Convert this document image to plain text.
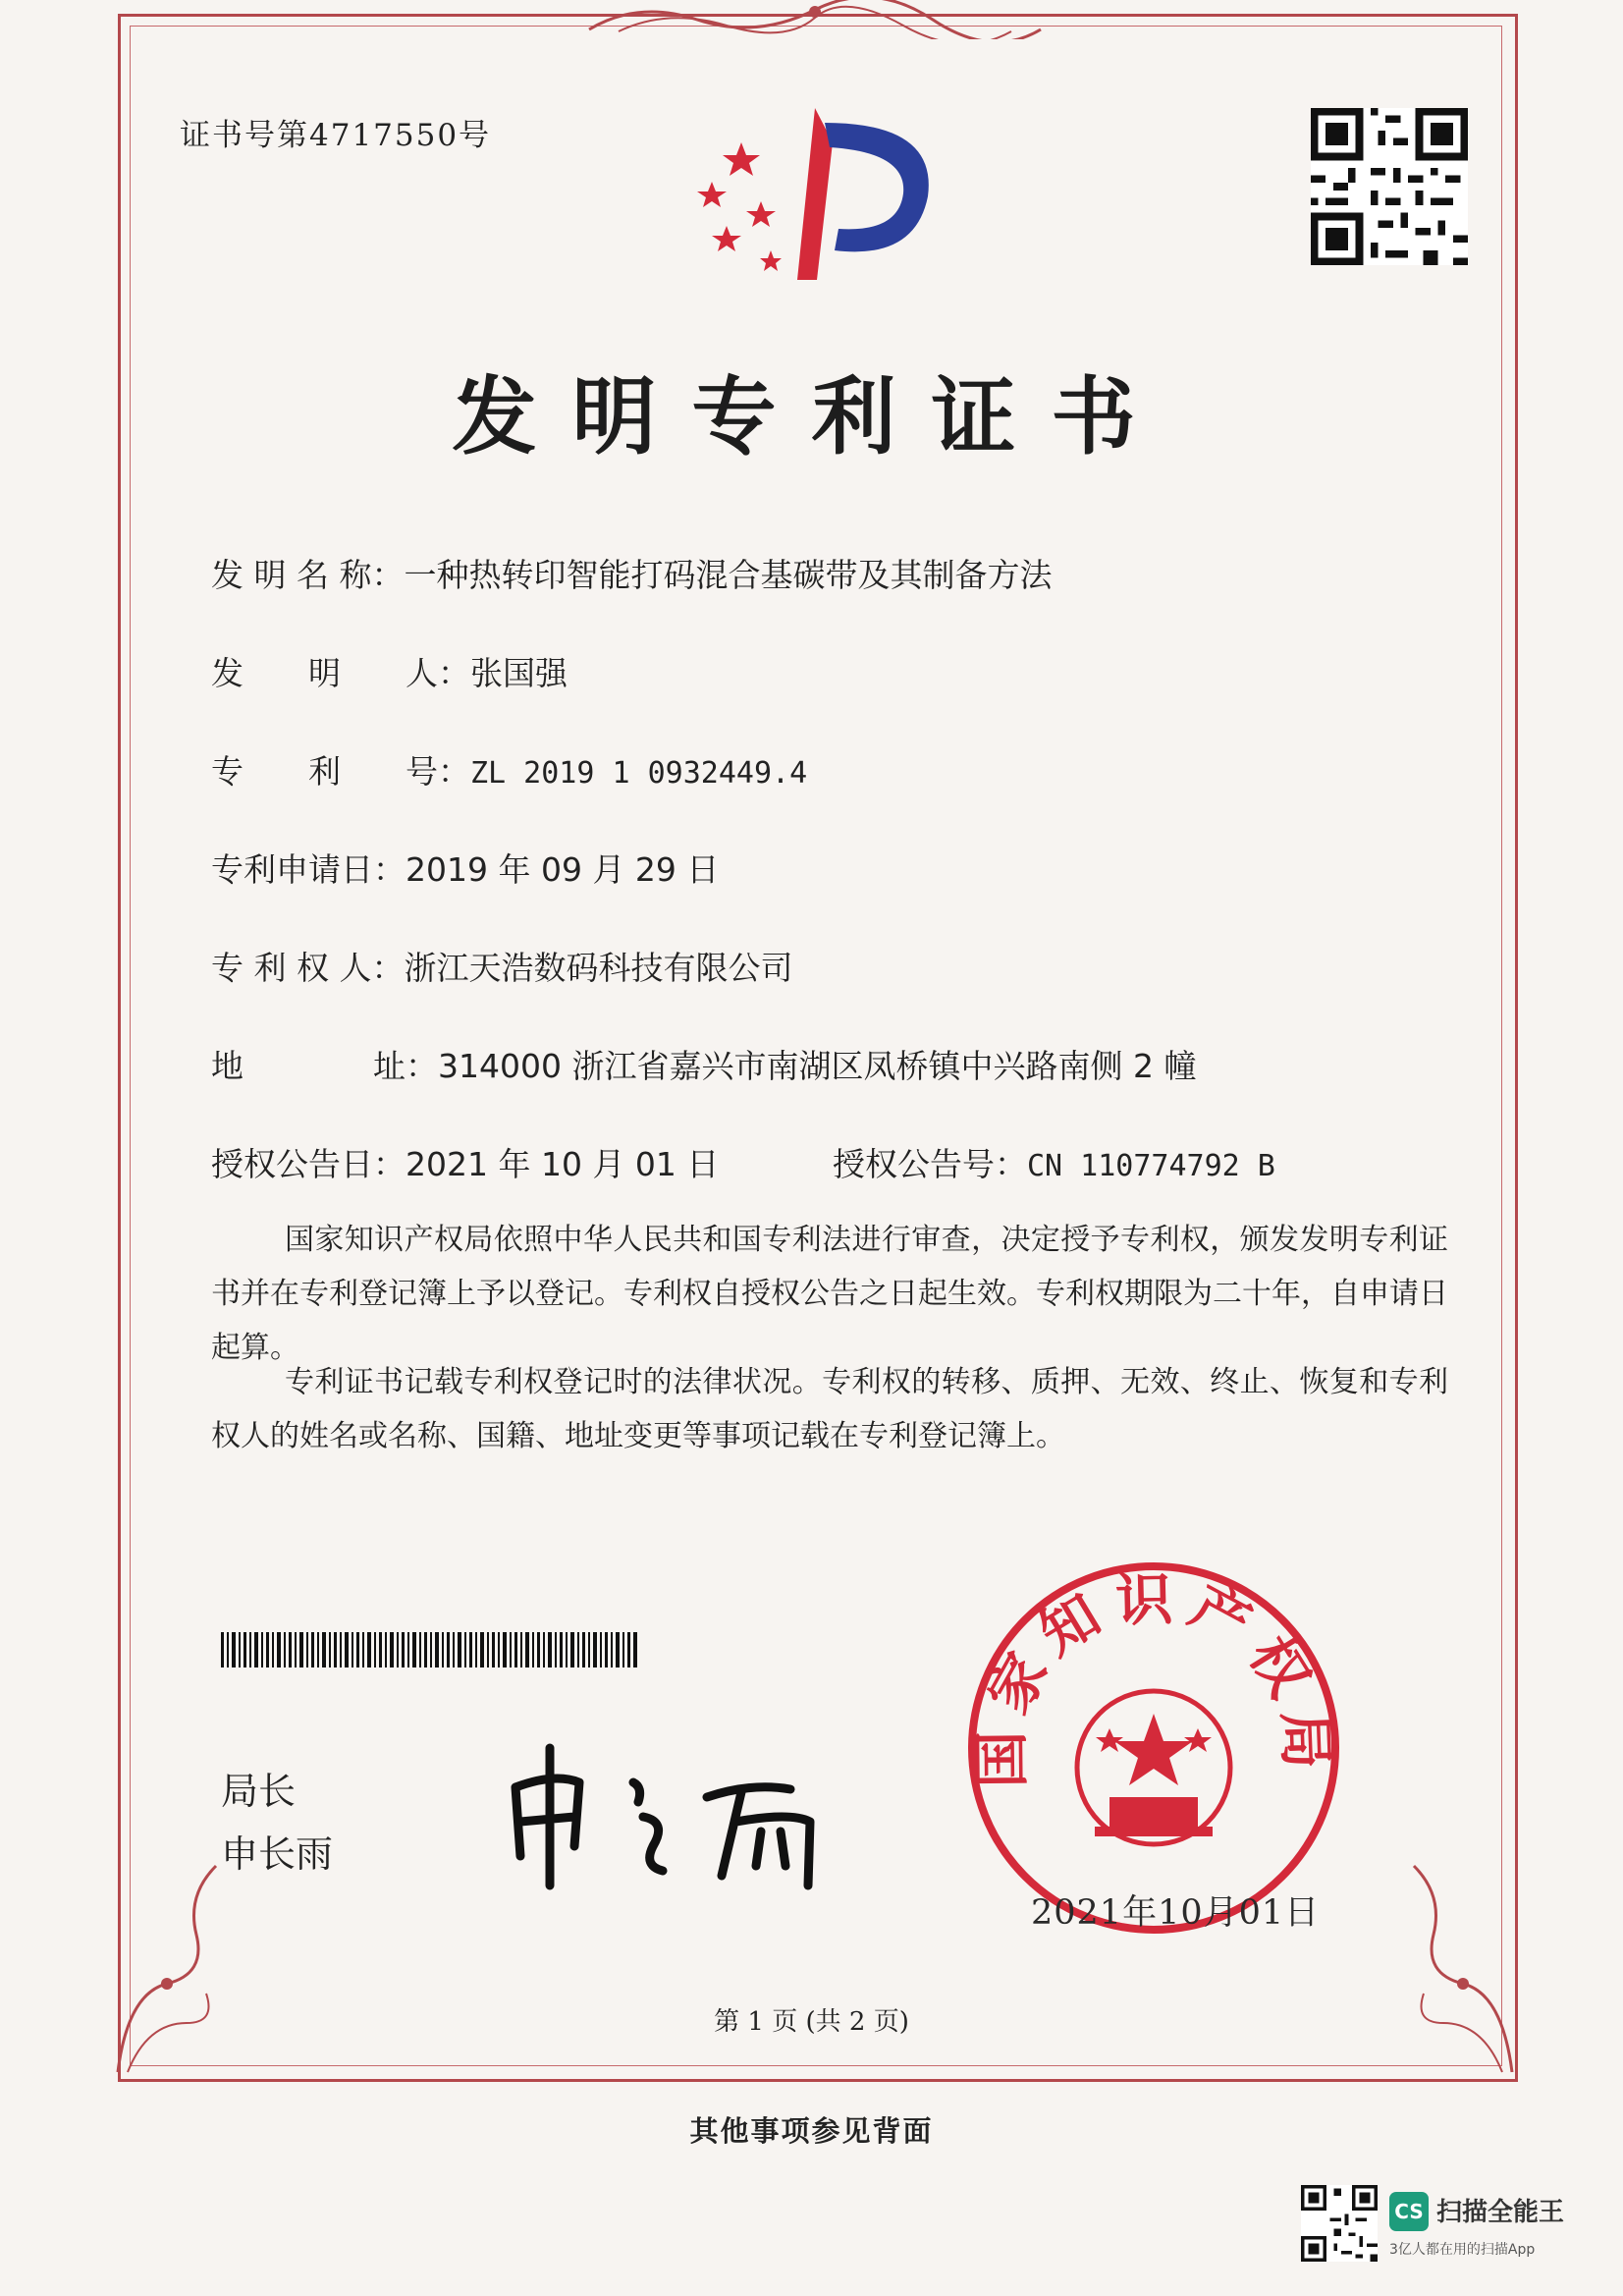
证书号第4717550号
发明专利证书
发 明 名 称：一种热转印智能打码混合基碳带及其制备方法
发　　明　　人：张国强
专　　利　　号：ZL 2019 1 0932449.4
专利申请日：2019 年 09 月 29 日
专 利 权 人：浙江天浩数码科技有限公司
地　　　　址：314000 浙江省嘉兴市南湖区凤桥镇中兴路南侧 2 幢
授权公告日：2021 年 10 月 01 日	授权公告号：CN 110774792 B
国家知识产权局依照中华人民共和国专利法进行审查，决定授予专利权，颁发发明专利证书并在专利登记簿上予以登记。专利权自授权公告之日起生效。专利权期限为二十年，自申请日起算。
专利证书记载专利权登记时的法律状况。专利权的转移、质押、无效、终止、恢复和专利权人的姓名或名称、国籍、地址变更等事项记载在专利登记簿上。
局长
申长雨
国家知识产权局
2021年10月01日
第 1 页 (共 2 页)
其他事项参见背面
CS 扫描全能王
3亿人都在用的扫描App
